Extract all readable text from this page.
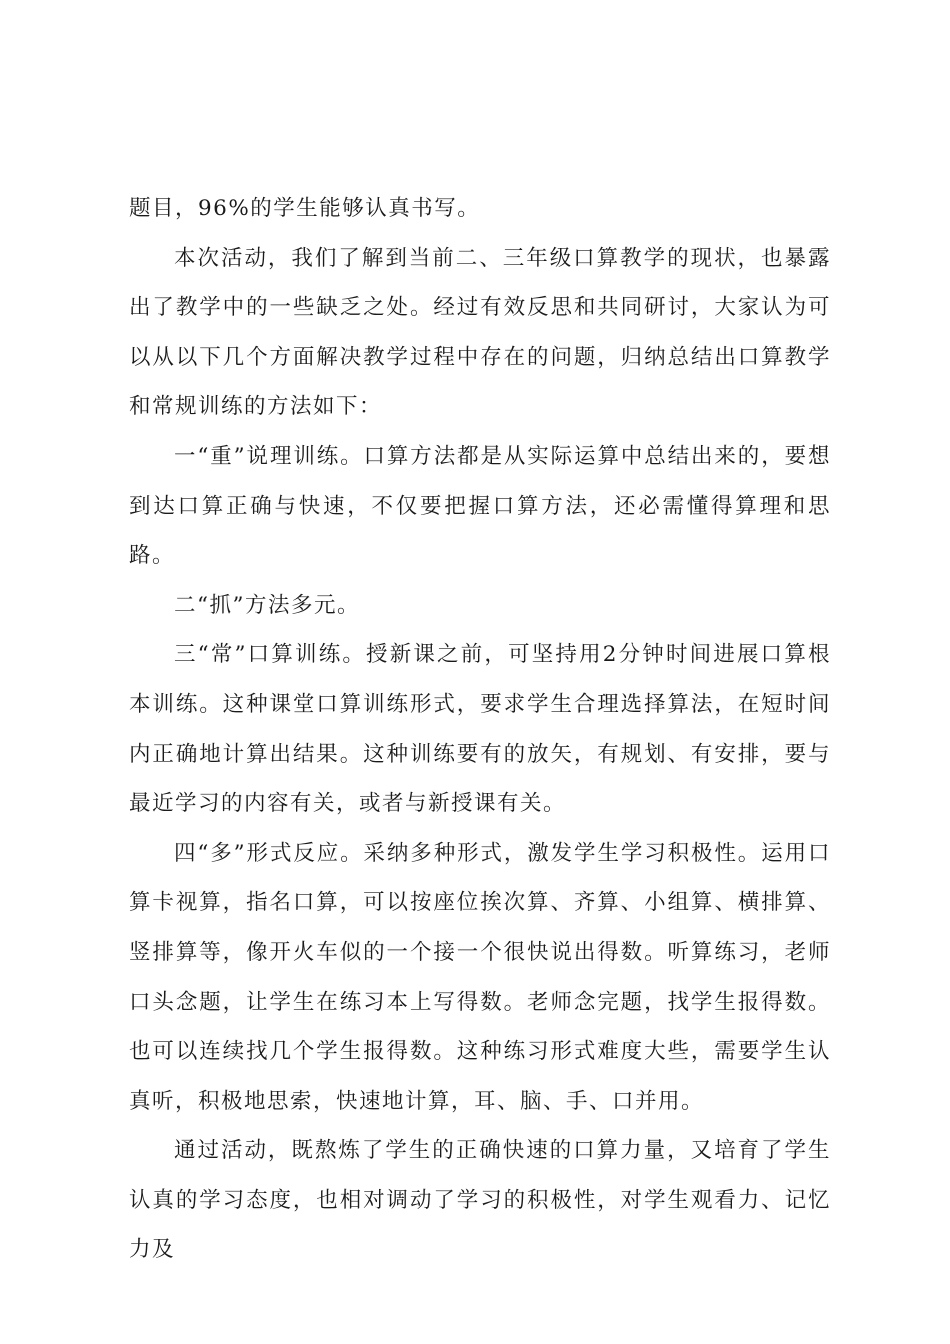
题目，96%的学生能够认真书写。

本次活动，我们了解到当前二、三年级口算教学的现状，也暴露出了教学中的一些缺乏之处。经过有效反思和共同研讨，大家认为可以从以下几个方面解决教学过程中存在的问题，归纳总结出口算教学和常规训练的方法如下：

一“重”说理训练。口算方法都是从实际运算中总结出来的，要想到达口算正确与快速，不仅要把握口算方法，还必需懂得算理和思路。

二“抓”方法多元。

三“常”口算训练。授新课之前，可坚持用2分钟时间进展口算根本训练。这种课堂口算训练形式，要求学生合理选择算法，在短时间内正确地计算出结果。这种训练要有的放矢，有规划、有安排，要与最近学习的内容有关，或者与新授课有关。

四“多”形式反应。采纳多种形式，激发学生学习积极性。运用口算卡视算，指名口算，可以按座位挨次算、齐算、小组算、横排算、竖排算等，像开火车似的一个接一个很快说出得数。听算练习，老师口头念题，让学生在练习本上写得数。老师念完题，找学生报得数。也可以连续找几个学生报得数。这种练习形式难度大些，需要学生认真听，积极地思索，快速地计算，耳、脑、手、口并用。

通过活动，既熬炼了学生的正确快速的口算力量，又培育了学生认真的学习态度，也相对调动了学习的积极性，对学生观看力、记忆力及
